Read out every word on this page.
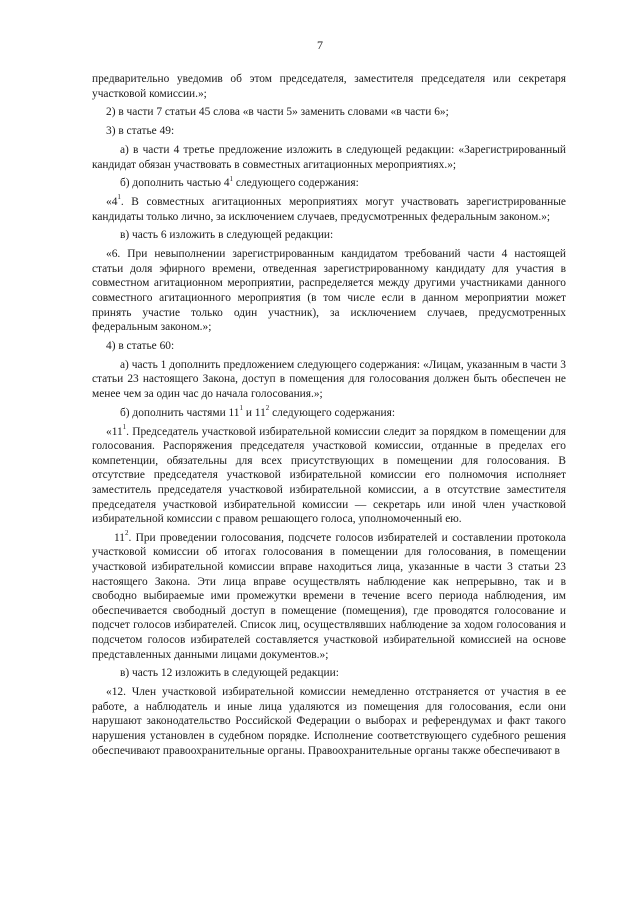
7

предварительно уведомив об этом председателя, заместителя председателя или секретаря участковой комиссии.»;

2) в части 7 статьи 45 слова «в части 5» заменить словами «в части 6»;

3) в статье 49:

а) в части 4 третье предложение изложить в следующей редакции: «Зарегистрированный кандидат обязан участвовать в совместных агитационных мероприятиях.»;

б) дополнить частью $4^1$ следующего содержания:

«$4^1$. В совместных агитационных мероприятиях могут участвовать зарегистрированные кандидаты только лично, за исключением случаев, предусмотренных федеральным законом.»;

в) часть 6 изложить в следующей редакции:

«6. При невыполнении зарегистрированным кандидатом требований части 4 настоящей статьи доля эфирного времени, отведенная зарегистрированному кандидату для участия в совместном агитационном мероприятии, распределяется между другими участниками данного совместного агитационного мероприятия (в том числе если в данном мероприятии может принять участие только один участник), за исключением случаев, предусмотренных федеральным законом.»;

4) в статье 60:

а) часть 1 дополнить предложением следующего содержания: «Лицам, указанным в части 3 статьи 23 настоящего Закона, доступ в помещения для голосования должен быть обеспечен не менее чем за один час до начала голосования.»;

б) дополнить частями $11^1$ и $11^2$ следующего содержания:

«$11^1$. Председатель участковой избирательной комиссии следит за порядком в помещении для голосования. Распоряжения председателя участковой комиссии, отданные в пределах его компетенции, обязательны для всех присутствующих в помещении для голосования. В отсутствие председателя участковой избирательной комиссии его полномочия исполняет заместитель председателя участковой избирательной комиссии, а в отсутствие заместителя председателя участковой избирательной комиссии — секретарь или иной член участковой избирательной комиссии с правом решающего голоса, уполномоченный ею.

$11^2$. При проведении голосования, подсчете голосов избирателей и составлении протокола участковой комиссии об итогах голосования в помещении для голосования, в помещении участковой избирательной комиссии вправе находиться лица, указанные в части 3 статьи 23 настоящего Закона. Эти лица вправе осуществлять наблюдение как непрерывно, так и в свободно выбираемые ими промежутки времени в течение всего периода наблюдения, им обеспечивается свободный доступ в помещение (помещения), где проводятся голосование и подсчет голосов избирателей. Список лиц, осуществлявших наблюдение за ходом голосования и подсчетом голосов избирателей составляется участковой избирательной комиссией на основе представленных данными лицами документов.»;

в) часть 12 изложить в следующей редакции:

«12. Член участковой избирательной комиссии немедленно отстраняется от участия в ее работе, а наблюдатель и иные лица удаляются из помещения для голосования, если они нарушают законодательство Российской Федерации о выборах и референдумах и факт такого нарушения установлен в судебном порядке. Исполнение соответствующего судебного решения обеспечивают правоохранительные органы. Правоохранительные органы также обеспечивают в
